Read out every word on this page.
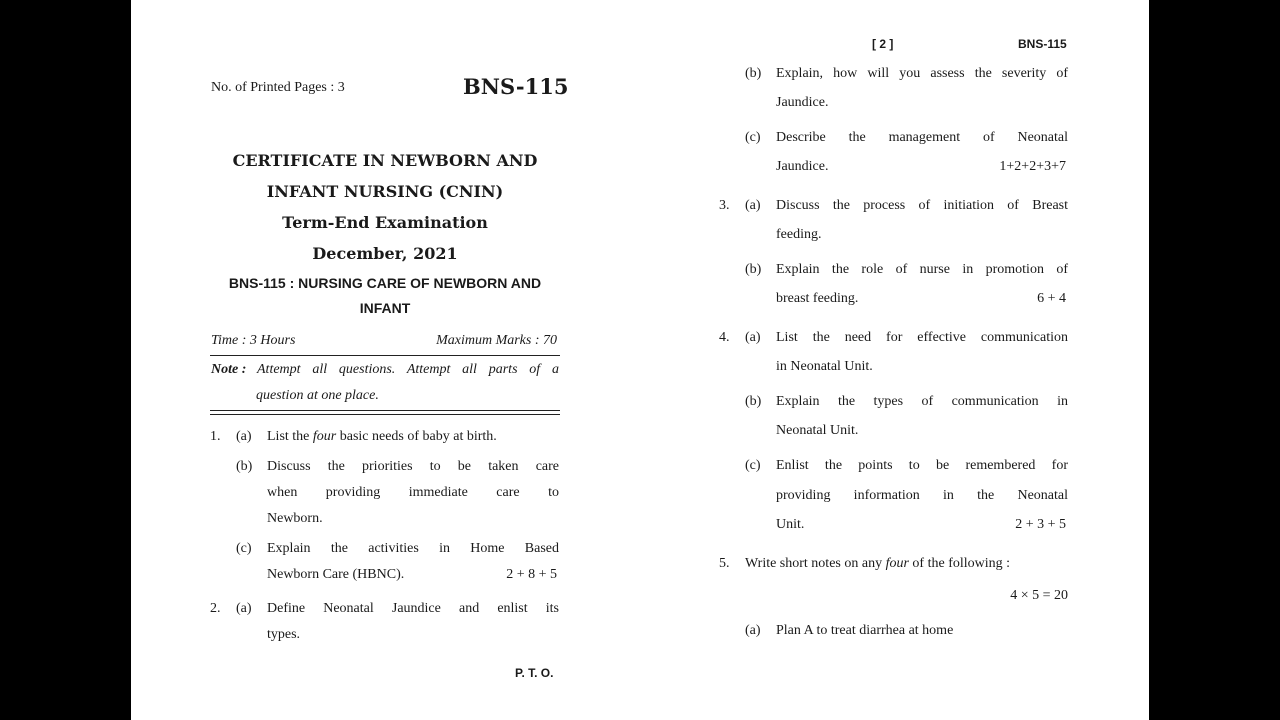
No. of Printed Pages : 3	BNS-115
CERTIFICATE IN NEWBORN AND
INFANT NURSING (CNIN)
Term-End Examination
December, 2021
BNS-115 : NURSING CARE OF NEWBORN AND
INFANT
Time : 3 Hours	Maximum Marks : 70
Note : Attempt all questions. Attempt all parts of a
question at one place.
1. (a) List the four basic needs of baby at birth.
(b) Discuss the priorities to be taken care
when providing immediate care to
Newborn.
(c) Explain the activities in Home Based
Newborn Care (HBNC).	2 + 8 + 5
2. (a) Define Neonatal Jaundice and enlist its
types.
P. T. O.
[ 2 ]	BNS-115
(b) Explain, how will you assess the severity of
Jaundice.
(c) Describe the management of Neonatal
Jaundice.	1+2+2+3+7
3. (a) Discuss the process of initiation of Breast
feeding.
(b) Explain the role of nurse in promotion of
breast feeding.	6 + 4
4. (a) List the need for effective communication
in Neonatal Unit.
(b) Explain the types of communication in
Neonatal Unit.
(c) Enlist the points to be remembered for
providing information in the Neonatal
Unit.	2 + 3 + 5
5. Write short notes on any four of the following :
4 × 5 = 20
(a) Plan A to treat diarrhea at home
